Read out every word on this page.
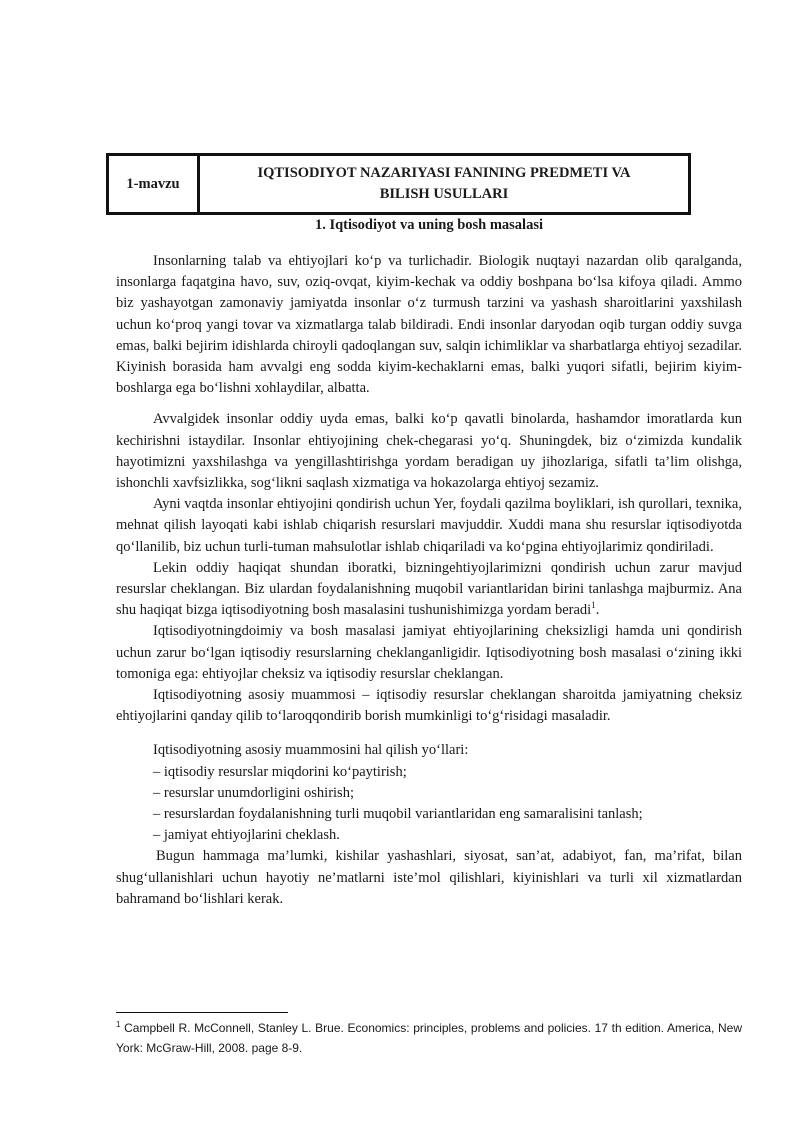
1-mavzu
IQTISODIYOT NAZARIYASI FANINING PREDMETI VA
BILISH USULLARI
1. Iqtisodiyot va uning bosh masalasi

Insonlarning talab va ehtiyojlari ko‘p va turlichadir. Biologik nuqtayi nazardan olib qaralganda, insonlarga faqatgina havo, suv, oziq-ovqat, kiyim-kechak va oddiy boshpana bo‘lsa kifoya qiladi. Ammo biz yashayotgan zamonaviy jamiyatda insonlar o‘z turmush tarzini va yashash sharoitlarini yaxshilash uchun ko‘proq yangi tovar va xizmatlarga talab bildiradi. Endi insonlar daryodan oqib turgan oddiy suvga emas, balki bejirim idishlarda chiroyli qadoqlangan suv, salqin ichimliklar va sharbatlarga ehtiyoj sezadilar. Kiyinish borasida ham avvalgi eng sodda kiyim-kechaklarni emas, balki yuqori sifatli, bejirim kiyim-boshlarga ega bo‘lishni xohlaydilar, albatta.

Avvalgidek insonlar oddiy uyda emas, balki ko‘p qavatli binolarda, hashamdor imoratlarda kun kechirishni istaydilar. Insonlar ehtiyojining chek-chegarasi yo‘q. Shuningdek, biz o‘zimizda kundalik hayotimizni yaxshilashga va yengillashtirishga yordam beradigan uy jihozlariga, sifatli ta’lim olishga, ishonchli xavfsizlikka, sog‘likni saqlash xizmatiga va hokazolarga ehtiyoj sezamiz.

Ayni vaqtda insonlar ehtiyojini qondirish uchun Yer, foydali qazilma boyliklari, ish qurollari, texnika, mehnat qilish layoqati kabi ishlab chiqarish resurslari mavjuddir. Xuddi mana shu resurslar iqtisodiyotda qo‘llanilib, biz uchun turli-tuman mahsulotlar ishlab chiqariladi va ko‘pgina ehtiyojlarimiz qondiriladi.

Lekin oddiy haqiqat shundan iboratki, bizningehtiyojlarimizni qondirish uchun zarur mavjud resurslar cheklangan. Biz ulardan foydalanishning muqobil variantlaridan birini tanlashga majburmiz. Ana shu haqiqat bizga iqtisodiyotning bosh masalasini tushunishimizga yordam beradi$^1$.

Iqtisodiyotningdoimiy va bosh masalasi jamiyat ehtiyojlarining cheksizligi hamda uni qondirish uchun zarur bo‘lgan iqtisodiy resurslarning cheklanganligidir. Iqtisodiyotning bosh masalasi o‘zining ikki tomoniga ega: ehtiyojlar cheksiz va iqtisodiy resurslar cheklangan.

Iqtisodiyotning asosiy muammosi – iqtisodiy resurslar cheklangan sharoitda jamiyatning cheksiz ehtiyojlarini qanday qilib to‘laroqqondirib borish mumkinligi to‘g‘risidagi masaladir.

Iqtisodiyotning asosiy muammosini hal qilish yo‘llari:

– iqtisodiy resurslar miqdorini ko‘paytirish;

– resurslar unumdorligini oshirish;

– resurslardan foydalanishning turli muqobil variantlaridan eng samaralisini tanlash;

– jamiyat ehtiyojlarini cheklash.

Bugun hammaga ma’lumki, kishilar yashashlari, siyosat, san’at, adabiyot, fan, ma’rifat, bilan shug‘ullanishlari uchun hayotiy ne’matlarni iste’mol qilishlari, kiyinishlari va turli xil xizmatlardan bahramand bo‘lishlari kerak.

$^1$ Campbell R. McConnell, Stanley L. Brue. Economics: principles, problems and policies. 17 th edition. America, New York: McGraw-Hill, 2008. page 8-9.
